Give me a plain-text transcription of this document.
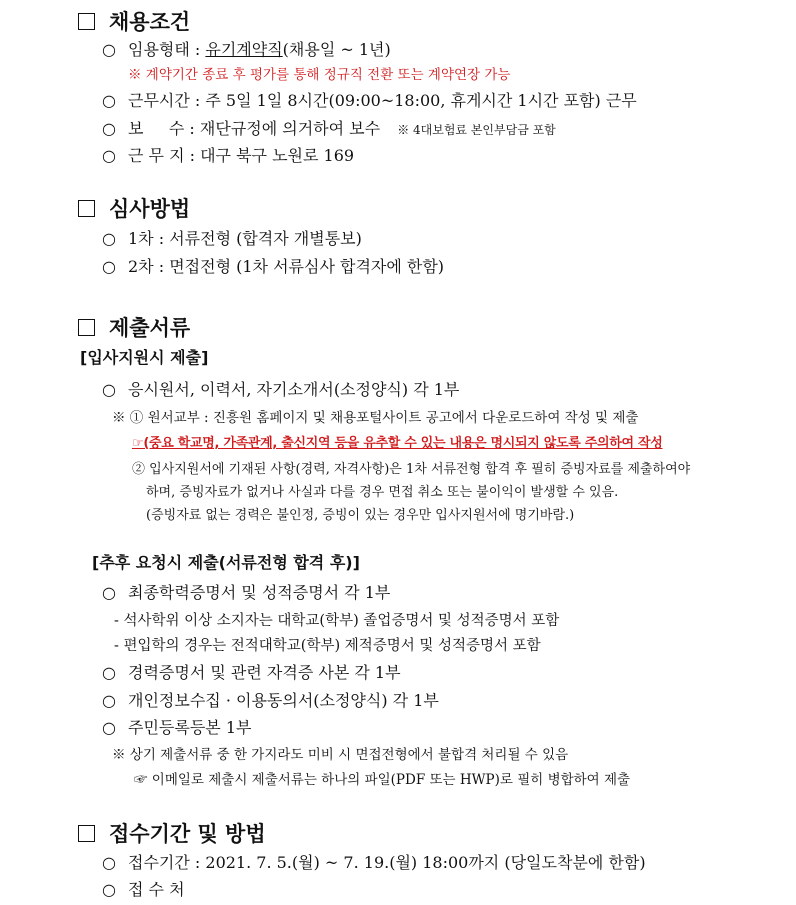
채용조건
○ 임용형태 : 유기계약직(채용일 ~ 1년)
※ 계약기간 종료 후 평가를 통해 정규직 전환 또는 계약연장 가능
○ 근무시간 : 주 5일 1일 8시간(09:00~18:00, 휴게시간 1시간 포함) 근무
○ 보     수 : 재단규정에 의거하여 보수 ※ 4대보험료 본인부담금 포함
○ 근 무 지 : 대구 북구 노원로 169
심사방법
○ 1차 : 서류전형 (합격자 개별통보)
○ 2차 : 면접전형 (1차 서류심사 합격자에 한함)
제출서류
[입사지원시 제출]
○ 응시원서, 이력서, 자기소개서(소정양식) 각 1부
※ ① 원서교부 : 진흥원 홈페이지 및 채용포털사이트 공고에서 다운로드하여 작성 및 제출
☞(중요 학교명, 가족관계, 출신지역 등을 유추할 수 있는 내용은 명시되지 않도록 주의하여 작성
② 입사지원서에 기재된 사항(경력, 자격사항)은 1차 서류전형 합격 후 필히 증빙자료를 제출하여야
하며, 증빙자료가 없거나 사실과 다를 경우 면접 취소 또는 불이익이 발생할 수 있음.
(증빙자료 없는 경력은 불인정, 증빙이 있는 경우만 입사지원서에 명기바람.)
[추후 요청시 제출(서류전형 합격 후)]
○ 최종학력증명서 및 성적증명서 각 1부
- 석사학위 이상 소지자는 대학교(학부) 졸업증명서 및 성적증명서 포함
- 편입학의 경우는 전적대학교(학부) 제적증명서 및 성적증명서 포함
○ 경력증명서 및 관련 자격증 사본 각 1부
○ 개인정보수집 · 이용동의서(소정양식) 각 1부
○ 주민등록등본 1부
※ 상기 제출서류 중 한 가지라도 미비 시 면접전형에서 불합격 처리될 수 있음
☞ 이메일로 제출시 제출서류는 하나의 파일(PDF 또는 HWP)로 필히 병합하여 제출
접수기간 및 방법
○ 접수기간 : 2021. 7. 5.(월) ~ 7. 19.(월) 18:00까지 (당일도착분에 한함)
○ 접 수 처
